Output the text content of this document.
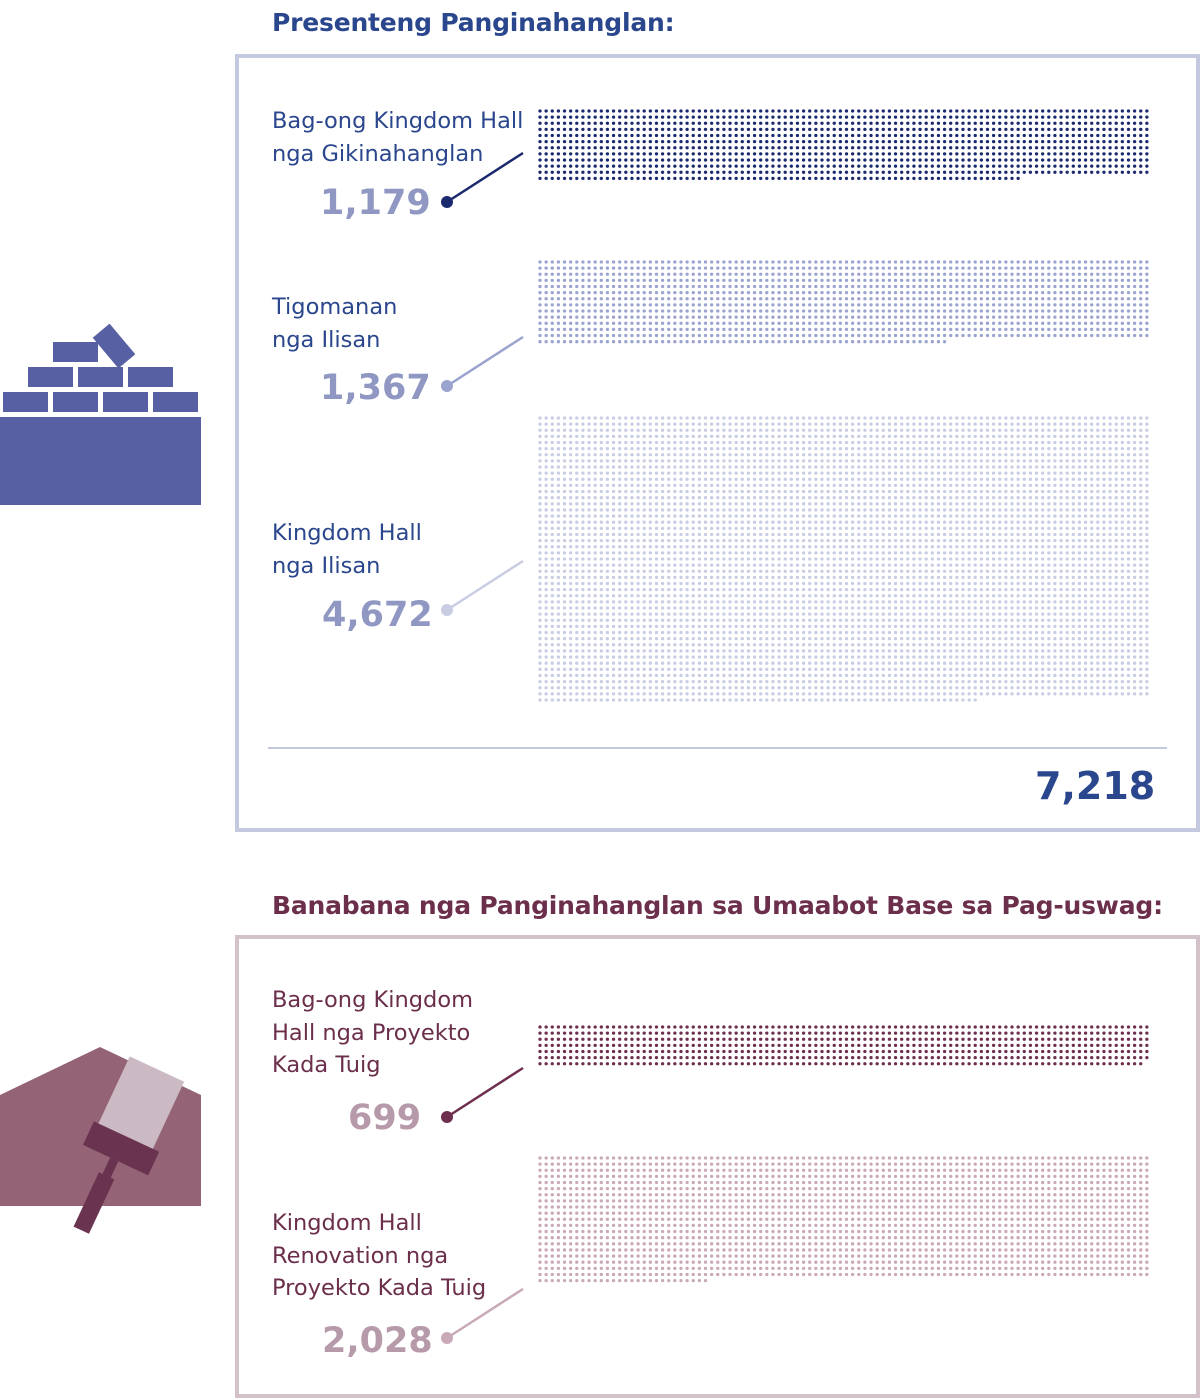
Presenteng Panginahanglan:
Bag-ong Kingdom Hall
nga Gikinahanglan
1,179
Tigomanan
nga Ilisan
1,367
Kingdom Hall
nga Ilisan
4,672
7,218
Banabana nga Panginahanglan sa Umaabot Base sa Pag-uswag:
Bag-ong Kingdom
Hall nga Proyekto
Kada Tuig
699
Kingdom Hall
Renovation nga
Proyekto Kada Tuig
2,028
